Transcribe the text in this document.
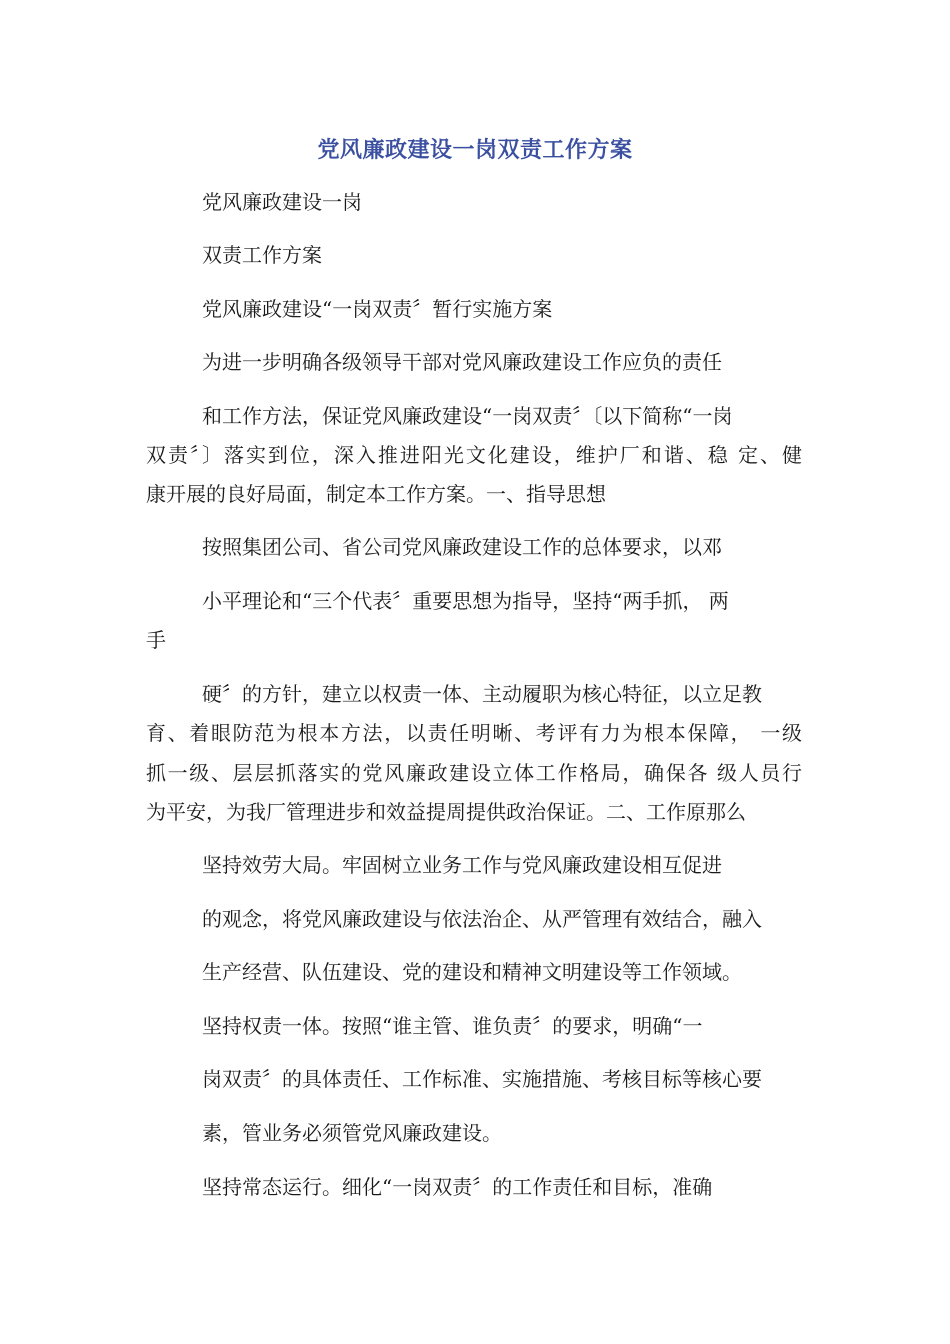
党风廉政建设一岗双责工作方案

党风廉政建设一岗

双责工作方案

党风廉政建设“一岗双责〞暂行实施方案

为进一步明确各级领导干部对党风廉政建设工作应负的责任

和工作方法，保证党风廉政建设“一岗双责〞〔以下简称“一岗

双责〞〕落实到位，深入推进阳光文化建设，维护厂和谐、稳 定、健

康开展的良好局面，制定本工作方案。一、指导思想

按照集团公司、省公司党风廉政建设工作的总体要求，以邓

小平理论和“三个代表〞重要思想为指导，坚持“两手抓， 两

手

硬〞的方针，建立以权责一体、主动履职为核心特征，以立足教

育、着眼防范为根本方法，以责任明晰、考评有力为根本保障， 一级

抓一级、层层抓落实的党风廉政建设立体工作格局，确保各 级人员行

为平安，为我厂管理进步和效益提周提供政治保证。二、工作原那么

坚持效劳大局。牢固树立业务工作与党风廉政建设相互促进

的观念，将党风廉政建设与依法治企、从严管理有效结合，融入

生产经营、队伍建设、党的建设和精神文明建设等工作领域。

坚持权责一体。按照“谁主管、谁负责〞的要求，明确“一

岗双责〞的具体责任、工作标准、实施措施、考核目标等核心要

素，管业务必须管党风廉政建设。

坚持常态运行。细化“一岗双责〞的工作责任和目标，准确
